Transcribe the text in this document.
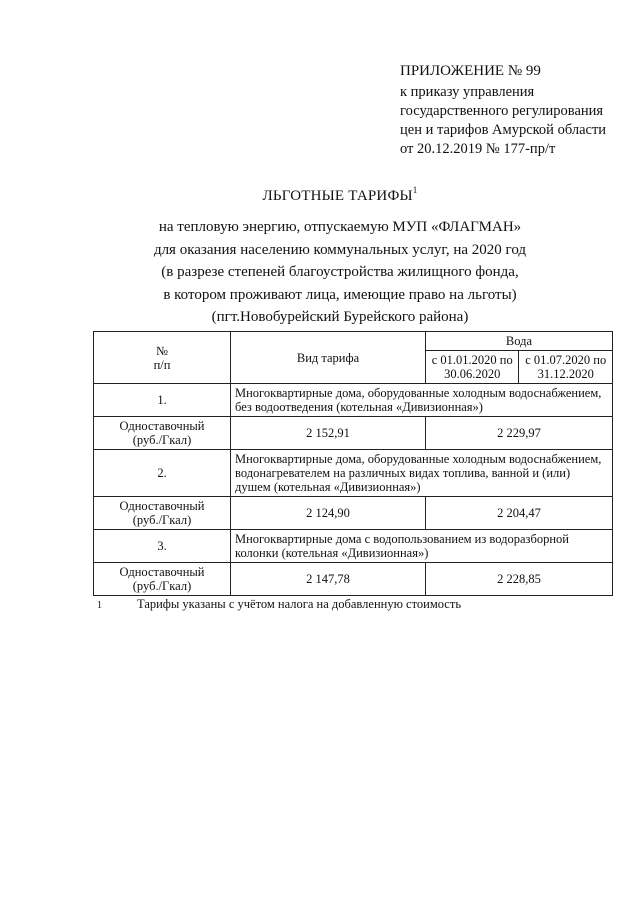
ПРИЛОЖЕНИЕ № 99
к приказу управления
государственного регулирования
цен и тарифов Амурской области
от 20.12.2019 № 177-пр/т
ЛЬГОТНЫЕ ТАРИФЫ$^1$
на тепловую энергию, отпускаемую МУП «ФЛАГМАН»
для оказания населению коммунальных услуг, на 2020 год
(в разрезе степеней благоустройства жилищного фонда,
в котором проживают лица, имеющие право на льготы)
(пгт.Новобурейский Бурейского района)
№
п/п	Вид тарифа	Вода	
		с 01.01.2020 по 30.06.2020	с 01.07.2020 по 31.12.2020
1.	Многоквартирные дома, оборудованные холодным водоснабжением, без водоотведения (котельная «Дивизионная»)		
Одноставочный
(руб./Гкал)	2 152,91	2 229,97	
2.	Многоквартирные дома, оборудованные холодным водоснабжением, водонагревателем на различных видах топлива, ванной и (или) душем (котельная «Дивизионная»)		
Одноставочный
(руб./Гкал)	2 124,90	2 204,47	
3.	Многоквартирные дома с водопользованием из водоразборной колонки (котельная «Дивизионная»)		
Одноставочный
(руб./Гкал)	2 147,78	2 228,85	
1	Тарифы указаны с учётом налога на добавленную стоимость
